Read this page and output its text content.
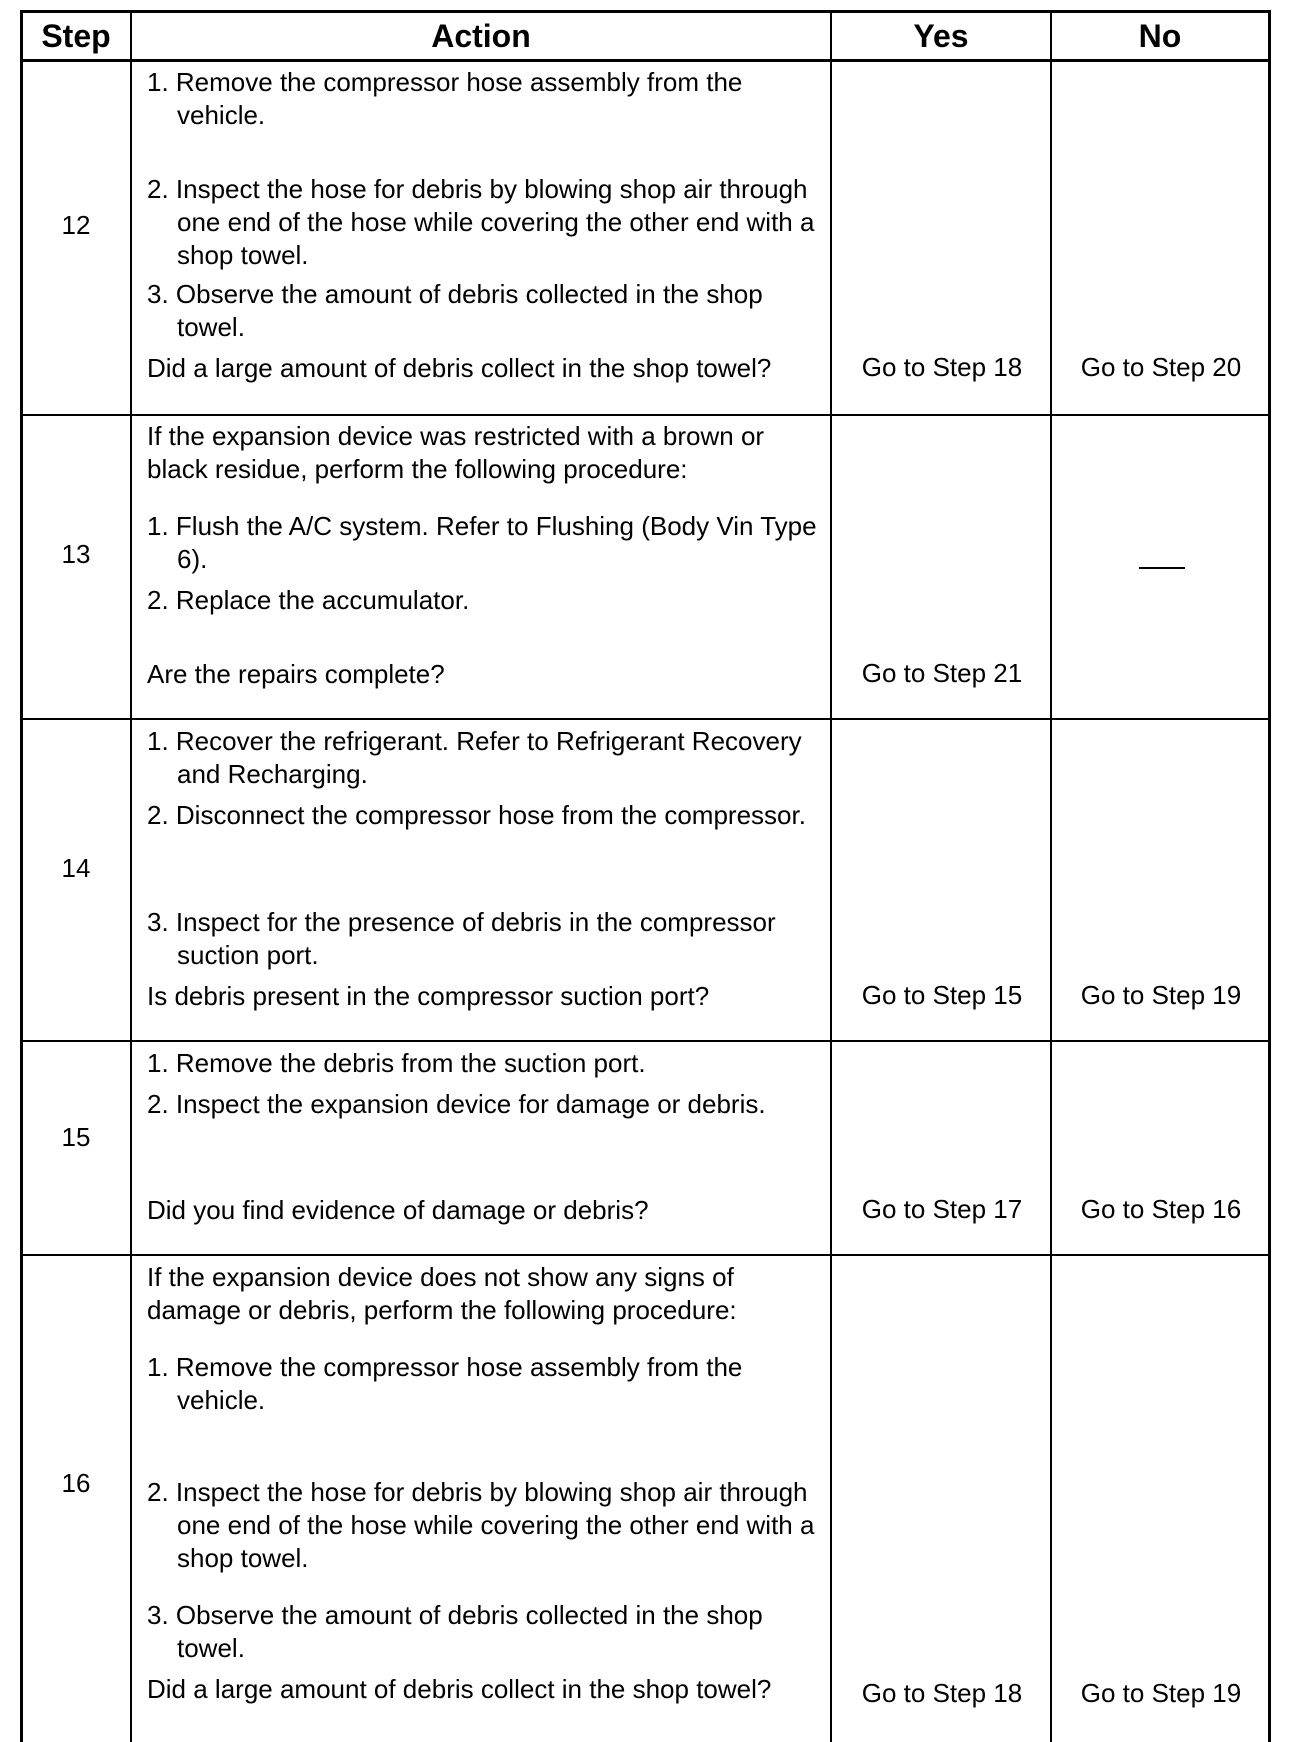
Step	Action	Yes	No
12
1. Remove the compressor hose assembly from the vehicle.
2. Inspect the hose for debris by blowing shop air through one end of the hose while covering the other end with a shop towel.
3. Observe the amount of debris collected in the shop towel.
Did a large amount of debris collect in the shop towel?	Go to Step 18	Go to Step 20
13
If the expansion device was restricted with a brown or black residue, perform the following procedure:
1. Flush the A/C system. Refer to Flushing (Body Vin Type 6).
2. Replace the accumulator.
Are the repairs complete?	Go to Step 21
14
1. Recover the refrigerant. Refer to Refrigerant Recovery and Recharging.
2. Disconnect the compressor hose from the compressor.
3. Inspect for the presence of debris in the compressor suction port.
Is debris present in the compressor suction port?	Go to Step 15	Go to Step 19
15
1. Remove the debris from the suction port.
2. Inspect the expansion device for damage or debris.
Did you find evidence of damage or debris?	Go to Step 17	Go to Step 16
16
If the expansion device does not show any signs of damage or debris, perform the following procedure:
1. Remove the compressor hose assembly from the vehicle.
2. Inspect the hose for debris by blowing shop air through one end of the hose while covering the other end with a shop towel.
3. Observe the amount of debris collected in the shop towel.
Did a large amount of debris collect in the shop towel?	Go to Step 18	Go to Step 19
